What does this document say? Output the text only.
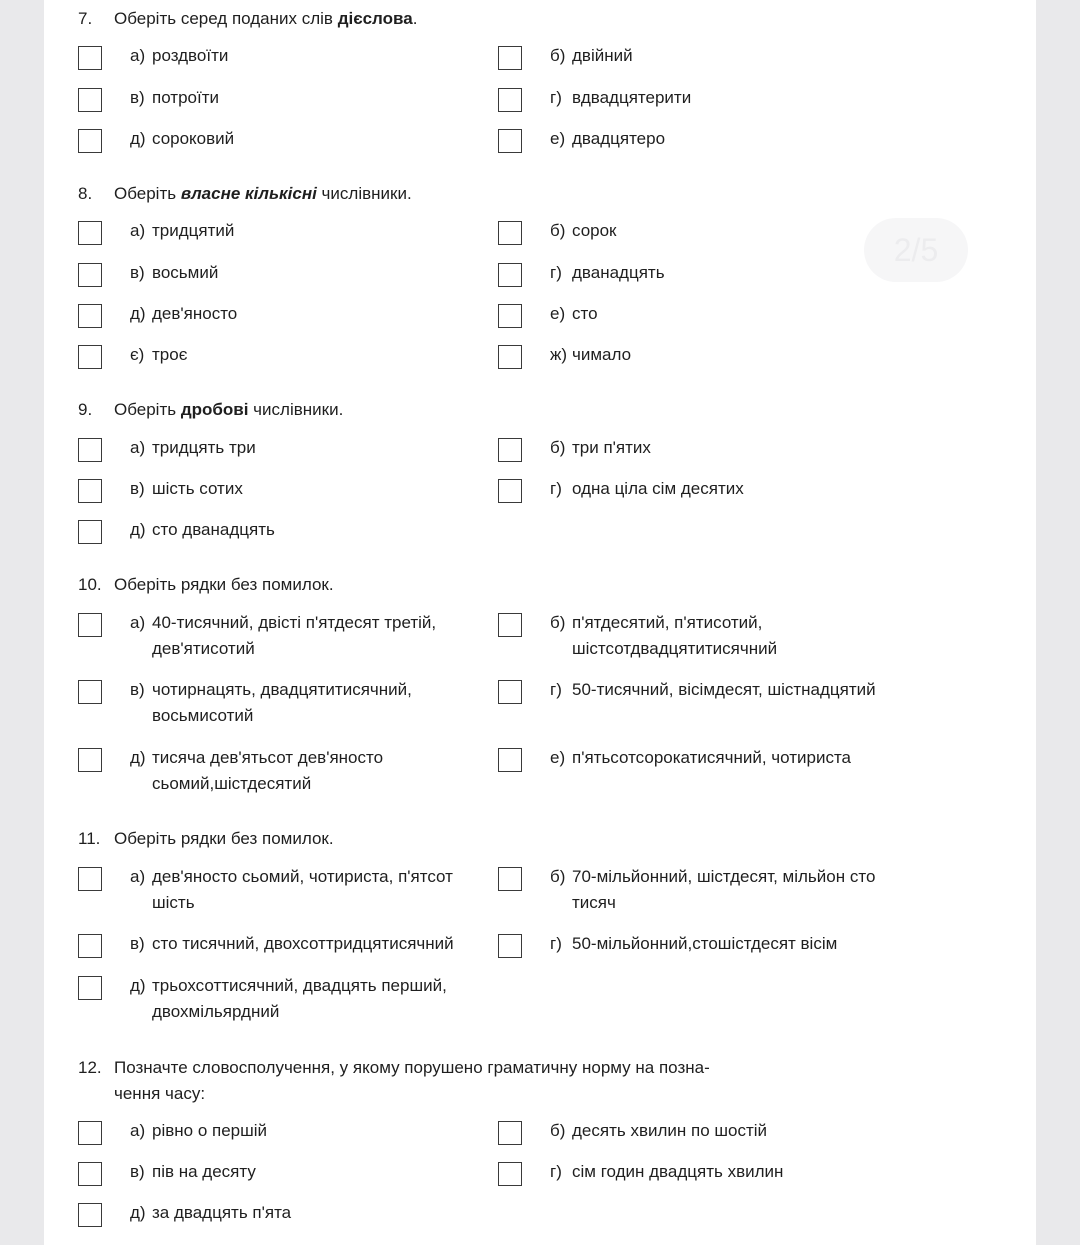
2/5

7. Оберіть серед поданих слів дієслова.

а) роздвоїти	б) двійний
в) потроїти	г) вдвадцятерити
д) сороковий	е) двадцятеро

8. Оберіть власне кількісні числівники.

а) тридцятий	б) сорок
в) восьмий	г) дванадцять
д) дев'яносто	е) сто
є) троє	ж) чимало

9. Оберіть дробові числівники.

а) тридцять три	б) три п'ятих
в) шість сотих	г) одна ціла сім десятих
д) сто дванадцять

10. Оберіть рядки без помилок.

а) 40-тисячний, двісті п'ятдесят третій,
дев'ятисотий
б) п'ятдесятий, п'ятисотий,
шістсотдвадцятитисячний
в) чотирнацять, двадцятитисячний,
восьмисотий
г) 50-тисячний, вісімдесят, шістнадцятий
д) тисяча дев'ятьсот дев'яносто
сьомий,шістдесятий
е) п'ятьсотсорокатисячний, чотириста

11. Оберіть рядки без помилок.

а) дев'яносто сьомий, чотириста, п'ятсот
шість
б) 70-мільйонний, шістдесят, мільйон сто
тисяч
в) сто тисячний, двохсоттридцятисячний	г) 50-мільйонний,стошістдесят вісім
д) трьохсоттисячний, двадцять перший,
двохмільярдний

12. Позначте словосполучення, у якому порушено граматичну норму на позна-
чення часу:

а) рівно о першій	б) десять хвилин по шостій
в) пів на десяту	г) сім годин двадцять хвилин
д) за двадцять п'ята
